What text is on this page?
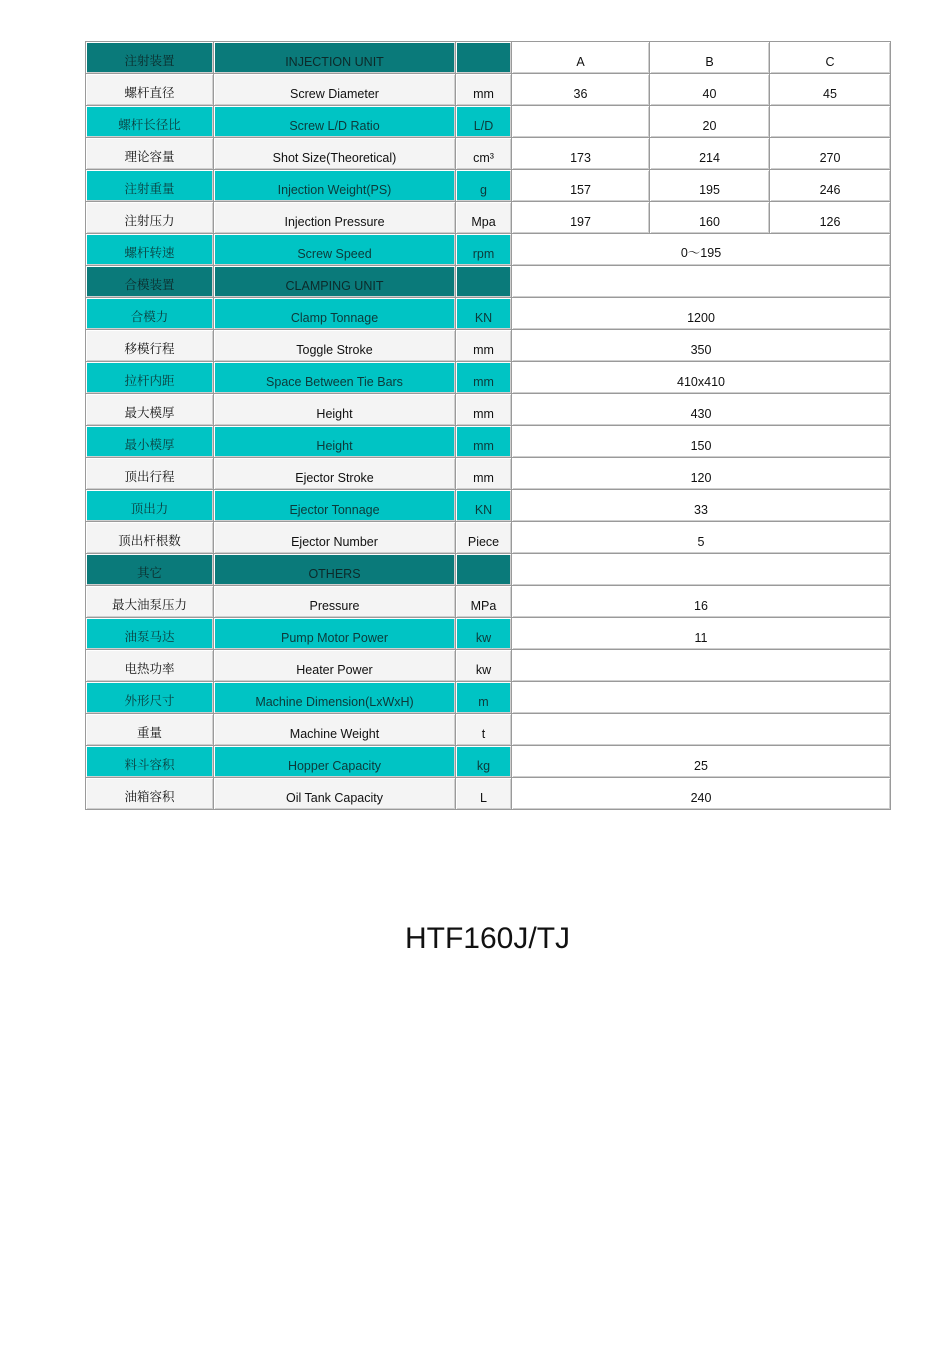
注射装置	INJECTION UNIT		A	B	C
螺杆直径	Screw Diameter	mm	36	40	45
螺杆长径比	Screw L/D Ratio	L/D		20	
理论容量	Shot Size(Theoretical)	cm³	173	214	270
注射重量	Injection Weight(PS)	g	157	195	246
注射压力	Injection Pressure	Mpa	197	160	126
螺杆转速	Screw Speed	rpm	0～195		
合模装置	CLAMPING UNIT				
合模力	Clamp Tonnage	KN	1200		
移模行程	Toggle Stroke	mm	350		
拉杆内距	Space Between Tie Bars	mm	410x410		
最大模厚	Height	mm	430		
最小模厚	Height	mm	150		
顶出行程	Ejector Stroke	mm	120		
顶出力	Ejector Tonnage	KN	33		
顶出杆根数	Ejector Number	Piece	5		
其它	OTHERS				
最大油泵压力	Pressure	MPa	16		
油泵马达	Pump Motor Power	kw	11		
电热功率	Heater Power	kw			
外形尺寸	Machine Dimension(LxWxH)	m			
重量	Machine Weight	t			
料斗容积	Hopper Capacity	kg	25		
油箱容积	Oil Tank Capacity	L	240		
HTF160J/TJ
